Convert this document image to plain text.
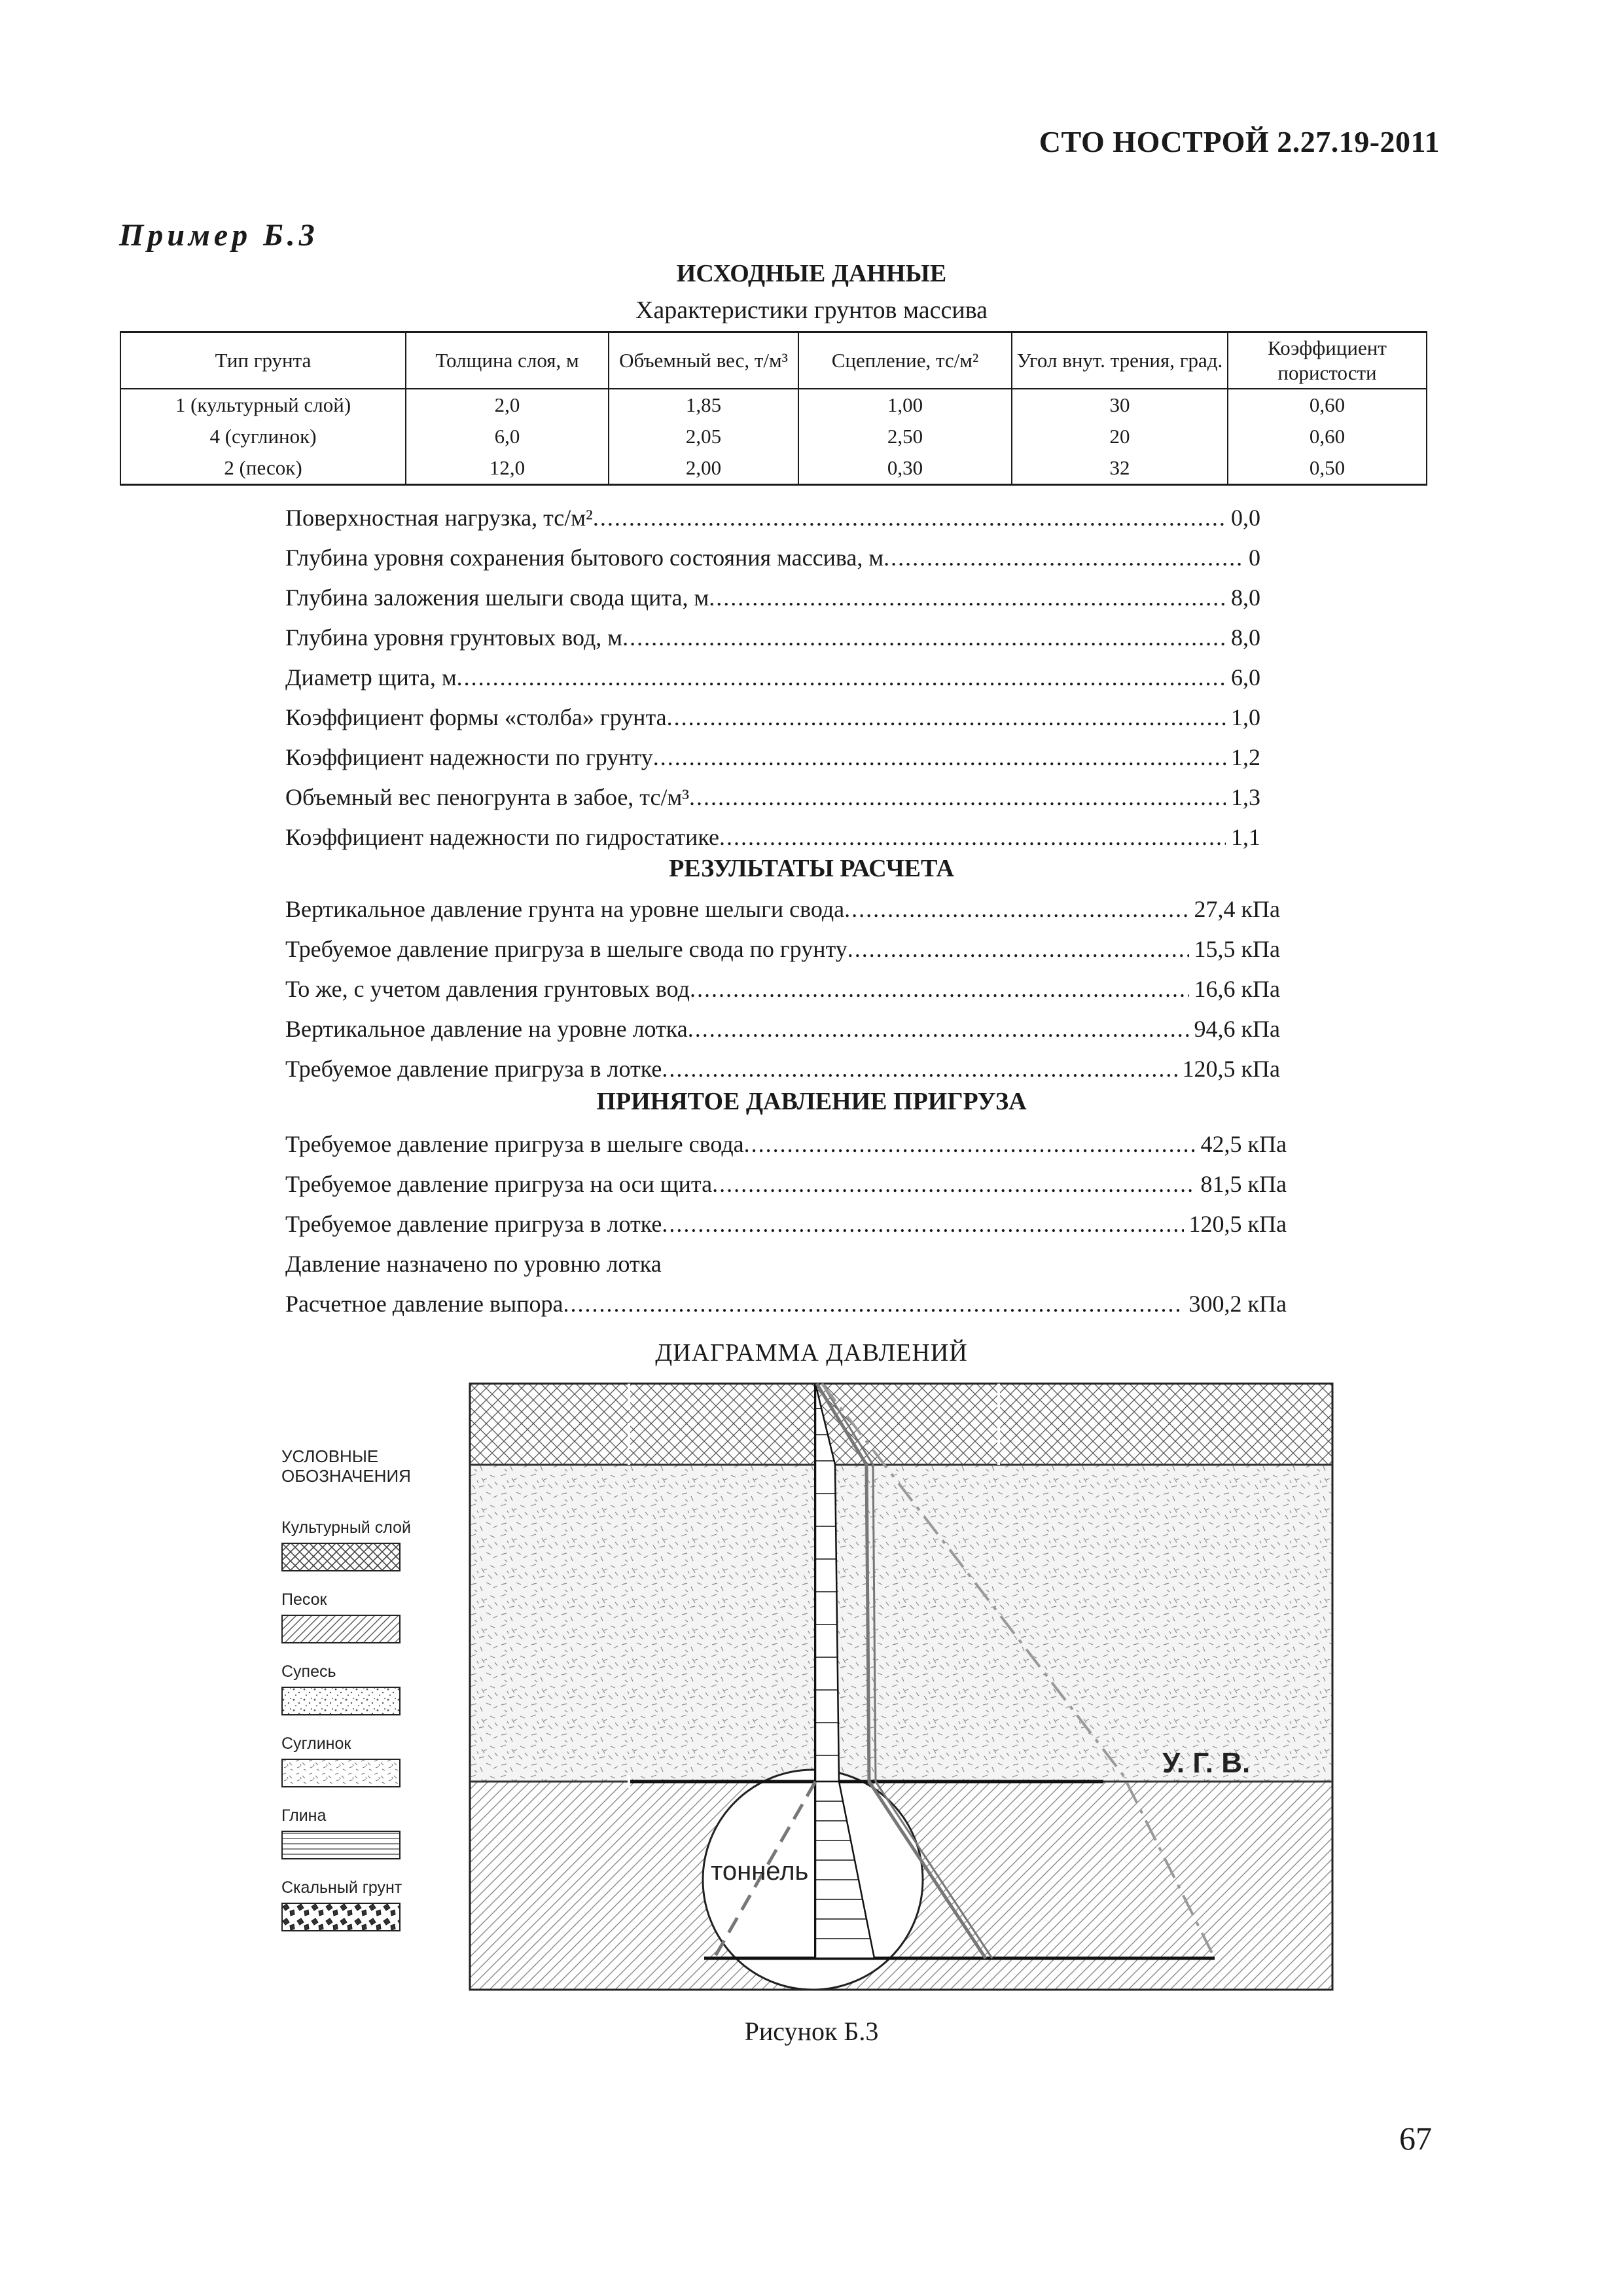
СТО НОСТРОЙ 2.27.19-2011
Пример Б.3
ИСХОДНЫЕ ДАННЫЕ
Характеристики грунтов массива
Тип грунта	Толщина слоя, м	Объемный вес, т/м³	Сцепление, тс/м²	Угол внут. трения, град.	Коэффициент пористости
1 (культурный слой)	2,0	1,85	1,00	30	0,60
4 (суглинок)	6,0	2,05	2,50	20	0,60
2 (песок)	12,0	2,00	0,30	32	0,50
Поверхностная нагрузка, тс/м² .....	0,0
Глубина уровня сохранения бытового состояния массива, м .....	0
Глубина заложения шелыги свода щита, м .....	8,0
Глубина уровня грунтовых вод, м .....	8,0
Диаметр щита, м .....	6,0
Коэффициент формы «столба» грунта .....	1,0
Коэффициент надежности по грунту .....	1,2
Объемный вес пеногрунта в забое, тс/м³ .....	1,3
Коэффициент надежности по гидростатике .....	1,1
РЕЗУЛЬТАТЫ РАСЧЕТА
Вертикальное давление грунта на уровне шелыги свода .....	27,4 кПа
Требуемое давление пригруза в шелыге свода по грунту .....	15,5 кПа
То же, с учетом давления грунтовых вод .....	16,6 кПа
Вертикальное давление на уровне лотка .....	94,6 кПа
Требуемое давление пригруза в лотке .....	120,5 кПа
ПРИНЯТОЕ ДАВЛЕНИЕ ПРИГРУЗА
Требуемое давление пригруза в шелыге свода .....	42,5 кПа
Требуемое давление пригруза на оси щита .....	81,5 кПа
Требуемое давление пригруза в лотке .....	120,5 кПа
Давление назначено по уровню лотка
Расчетное давление выпора .....	300,2 кПа
ДИАГРАММА ДАВЛЕНИЙ
УСЛОВНЫЕ
ОБОЗНАЧЕНИЯ
Культурный слой
Песок
Супесь
Суглинок
Глина
Скальный грунт
У. Г. В.
тоннель
Рисунок Б.3
67
